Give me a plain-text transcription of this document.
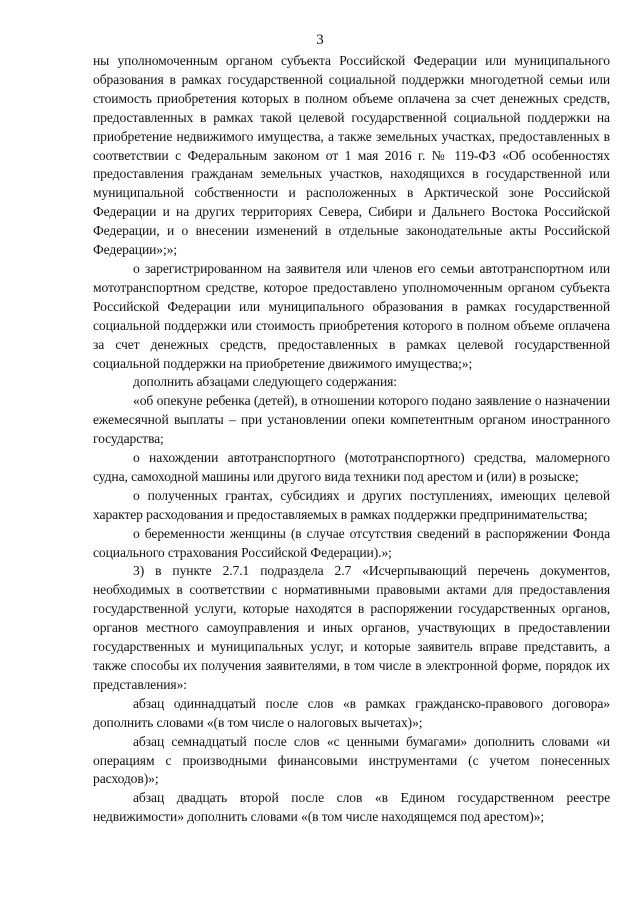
3

ны уполномоченным органом субъекта Российской Федерации или муниципального образования в рамках государственной социальной поддержки многодетной семьи или стоимость приобретения которых в полном объеме оплачена за счет денежных средств, предоставленных в рамках такой целевой государственной социальной поддержки на приобретение недвижимого имущества, а также земельных участках, предоставленных в соответствии с Федеральным законом от 1 мая 2016 г. № 119-ФЗ «Об особенностях предоставления гражданам земельных участков, находящихся в государственной или муниципальной собственности и расположенных в Арктической зоне Российской Федерации и на других территориях Севера, Сибири и Дальнего Востока Российской Федерации, и о внесении изменений в отдельные законодательные акты Российской Федерации»;»;

о зарегистрированном на заявителя или членов его семьи автотранспортном или мототранспортном средстве, которое предоставлено уполномоченным органом субъекта Российской Федерации или муниципального образования в рамках государственной социальной поддержки или стоимость приобретения которого в полном объеме оплачена за счет денежных средств, предоставленных в рамках целевой государственной социальной поддержки на приобретение движимого имущества;»;

дополнить абзацами следующего содержания:

«об опекуне ребенка (детей), в отношении которого подано заявление о назначении ежемесячной выплаты – при установлении опеки компетентным органом иностранного государства;

о нахождении автотранспортного (мототранспортного) средства, маломерного судна, самоходной машины или другого вида техники под арестом и (или) в розыске;

о полученных грантах, субсидиях и других поступлениях, имеющих целевой характер расходования и предоставляемых в рамках поддержки предпринимательства;

о беременности женщины (в случае отсутствия сведений в распоряжении Фонда социального страхования Российской Федерации).»;

3) в пункте 2.7.1 подраздела 2.7 «Исчерпывающий перечень документов, необходимых в соответствии с нормативными правовыми актами для предоставления государственной услуги, которые находятся в распоряжении государственных органов, органов местного самоуправления и иных органов, участвующих в предоставлении государственных и муниципальных услуг, и которые заявитель вправе представить, а также способы их получения заявителями, в том числе в электронной форме, порядок их представления»:

абзац одиннадцатый после слов «в рамках гражданско-правового договора» дополнить словами «(в том числе о налоговых вычетах)»;

абзац семнадцатый после слов «с ценными бумагами» дополнить словами «и операциям с производными финансовыми инструментами (с учетом понесенных расходов)»;

абзац двадцать второй после слов «в Едином государственном реестре недвижимости» дополнить словами «(в том числе находящемся под арестом)»;
